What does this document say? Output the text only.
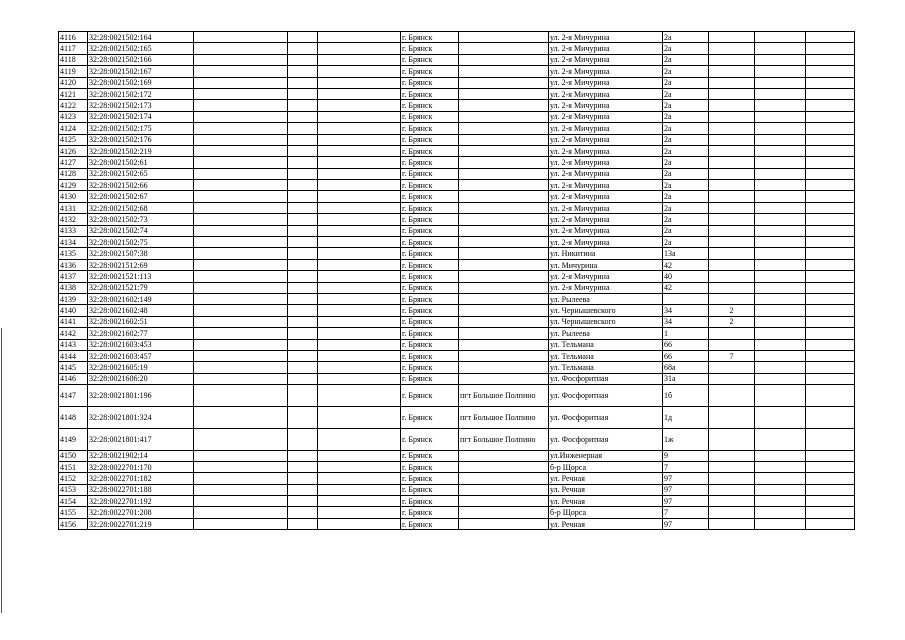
4116	32:28:0021502:164				г. Брянск		ул. 2-я Мичурина	2а			
4117	32:28:0021502:165				г. Брянск		ул. 2-я Мичурина	2а			
4118	32:28:0021502:166				г. Брянск		ул. 2-я Мичурина	2а			
4119	32:28:0021502:167				г. Брянск		ул. 2-я Мичурина	2а			
4120	32:28:0021502:169				г. Брянск		ул. 2-я Мичурина	2а			
4121	32:28:0021502:172				г. Брянск		ул. 2-я Мичурина	2а			
4122	32:28:0021502:173				г. Брянск		ул. 2-я Мичурина	2а			
4123	32:28:0021502:174				г. Брянск		ул. 2-я Мичурина	2а			
4124	32:28:0021502:175				г. Брянск		ул. 2-я Мичурина	2а			
4125	32:28:0021502:176				г. Брянск		ул. 2-я Мичурина	2а			
4126	32:28:0021502:219				г. Брянск		ул. 2-я Мичурина	2а			
4127	32:28:0021502:61				г. Брянск		ул. 2-я Мичурина	2а			
4128	32:28:0021502:65				г. Брянск		ул. 2-я Мичурина	2а			
4129	32:28:0021502:66				г. Брянск		ул. 2-я Мичурина	2а			
4130	32:28:0021502:67				г. Брянск		ул. 2-я Мичурина	2а			
4131	32:28:0021502:68				г. Брянск		ул. 2-я Мичурина	2а			
4132	32:28:0021502:73				г. Брянск		ул. 2-я Мичурина	2а			
4133	32:28:0021502:74				г. Брянск		ул. 2-я Мичурина	2а			
4134	32:28:0021502:75				г. Брянск		ул. 2-я Мичурина	2а			
4135	32:28:0021507:38				г. Брянск		ул. Никитина	13а			
4136	32:28:0021512:69				г. Брянск		ул. Мичурина	42			
4137	32:28:0021521:113				г. Брянск		ул. 2-я Мичурина	40			
4138	32:28:0021521:79				г. Брянск		ул. 2-я Мичурина	42			
4139	32:28:0021602:149				г. Брянск		ул. Рылеева				
4140	32:28:0021602:48				г. Брянск		ул. Чернышевского	34	2		
4141	32:28:0021602:51				г. Брянск		ул. Чернышевского	34	2		
4142	32:28:0021602:77				г. Брянск		ул. Рылеева	1			
4143	32:28:0021603:453				г. Брянск		ул. Тельмана	66			
4144	32:28:0021603:457				г. Брянск		ул. Тельмана	66	7		
4145	32:28:0021605:19				г. Брянск		ул. Тельмана	68а			
4146	32:28:0021606:20				г. Брянск		ул. Фосфоритная	31а			
4147	32:28:0021801:196				г. Брянск	пгт Большое Полпино	ул. Фосфоритная	1б			
4148	32:28:0021801:324				г. Брянск	пгт Большое Полпино	ул. Фосфоритная	1д			
4149	32:28:0021801:417				г. Брянск	пгт Большое Полпино	ул. Фосфоритная	1ж			
4150	32:28:0021902:14				г. Брянск		ул.Инженерная	9			
4151	32:28:0022701:170				г. Брянск		б-р Щорса	7			
4152	32:28:0022701:182				г. Брянск		ул. Речная	97			
4153	32:28:0022701:188				г. Брянск		ул. Речная	97			
4154	32:28:0022701:192				г. Брянск		ул. Речная	97			
4155	32:28:0022701:208				г. Брянск		б-р Щорса	7			
4156	32:28:0022701:219				г. Брянск		ул. Речная	97			
